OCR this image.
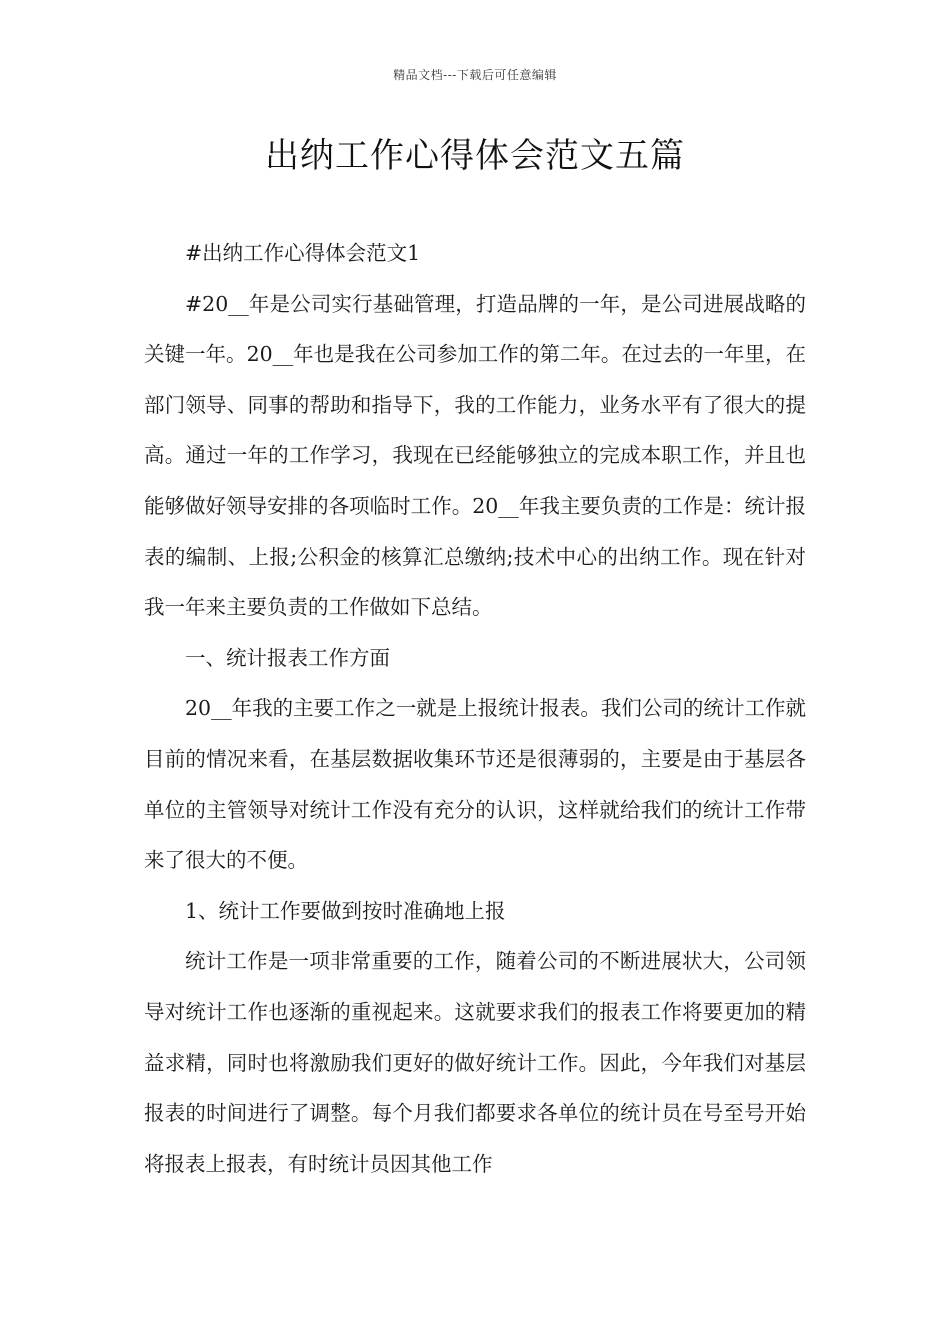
精品文档---下载后可任意编辑
出纳工作心得体会范文五篇

#出纳工作心得体会范文1

#20__年是公司实行基础管理，打造品牌的一年，是公司进展战略的关键一年。20__年也是我在公司参加工作的第二年。在过去的一年里，在部门领导、同事的帮助和指导下，我的工作能力，业务水平有了很大的提高。通过一年的工作学习，我现在已经能够独立的完成本职工作，并且也能够做好领导安排的各项临时工作。20__年我主要负责的工作是：统计报表的编制、上报;公积金的核算汇总缴纳;技术中心的出纳工作。现在针对我一年来主要负责的工作做如下总结。

一、统计报表工作方面

20__年我的主要工作之一就是上报统计报表。我们公司的统计工作就目前的情况来看，在基层数据收集环节还是很薄弱的，主要是由于基层各单位的主管领导对统计工作没有充分的认识，这样就给我们的统计工作带来了很大的不便。

1、统计工作要做到按时准确地上报

统计工作是一项非常重要的工作，随着公司的不断进展状大，公司领导对统计工作也逐渐的重视起来。这就要求我们的报表工作将要更加的精益求精，同时也将激励我们更好的做好统计工作。因此，今年我们对基层报表的时间进行了调整。每个月我们都要求各单位的统计员在号至号开始将报表上报表，有时统计员因其他工作
